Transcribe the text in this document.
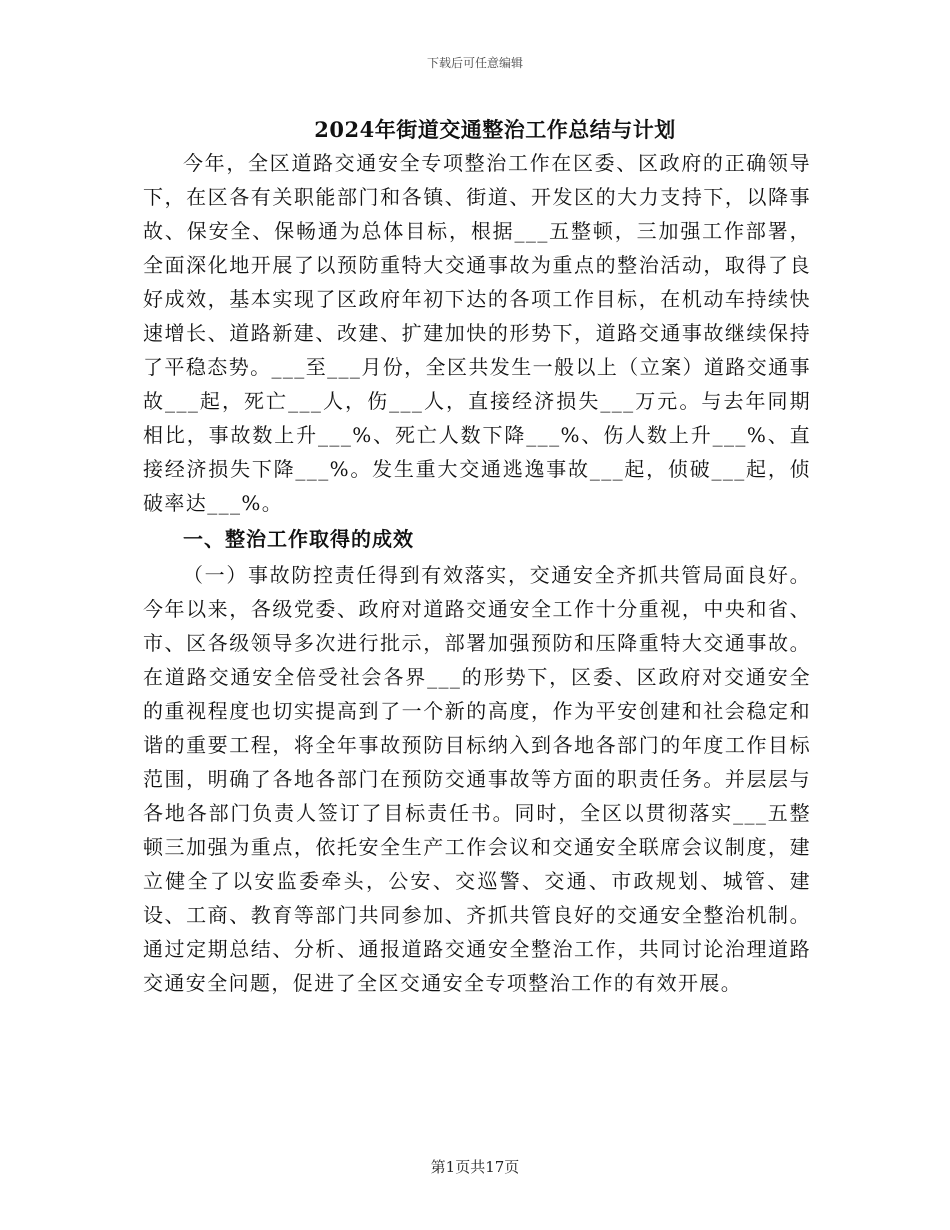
下载后可任意编辑
2024年街道交通整治工作总结与计划

今年，全区道路交通安全专项整治工作在区委、区政府的正确领导下，在区各有关职能部门和各镇、街道、开发区的大力支持下，以降事故、保安全、保畅通为总体目标，根据___五整顿，三加强工作部署，全面深化地开展了以预防重特大交通事故为重点的整治活动，取得了良好成效，基本实现了区政府年初下达的各项工作目标，在机动车持续快速增长、道路新建、改建、扩建加快的形势下，道路交通事故继续保持了平稳态势。___至___月份，全区共发生一般以上（立案）道路交通事故___起，死亡___人，伤___人，直接经济损失___万元。与去年同期相比，事故数上升___%、死亡人数下降___%、伤人数上升___%、直接经济损失下降___%。发生重大交通逃逸事故___起，侦破___起，侦破率达___%。

一、整治工作取得的成效

（一）事故防控责任得到有效落实，交通安全齐抓共管局面良好。今年以来，各级党委、政府对道路交通安全工作十分重视，中央和省、市、区各级领导多次进行批示，部署加强预防和压降重特大交通事故。在道路交通安全倍受社会各界___的形势下，区委、区政府对交通安全的重视程度也切实提高到了一个新的高度，作为平安创建和社会稳定和谐的重要工程，将全年事故预防目标纳入到各地各部门的年度工作目标范围，明确了各地各部门在预防交通事故等方面的职责任务。并层层与各地各部门负责人签订了目标责任书。同时，全区以贯彻落实___五整顿三加强为重点，依托安全生产工作会议和交通安全联席会议制度，建立健全了以安监委牵头，公安、交巡警、交通、市政规划、城管、建设、工商、教育等部门共同参加、齐抓共管良好的交通安全整治机制。通过定期总结、分析、通报道路交通安全整治工作，共同讨论治理道路交通安全问题，促进了全区交通安全专项整治工作的有效开展。

第1页共17页
